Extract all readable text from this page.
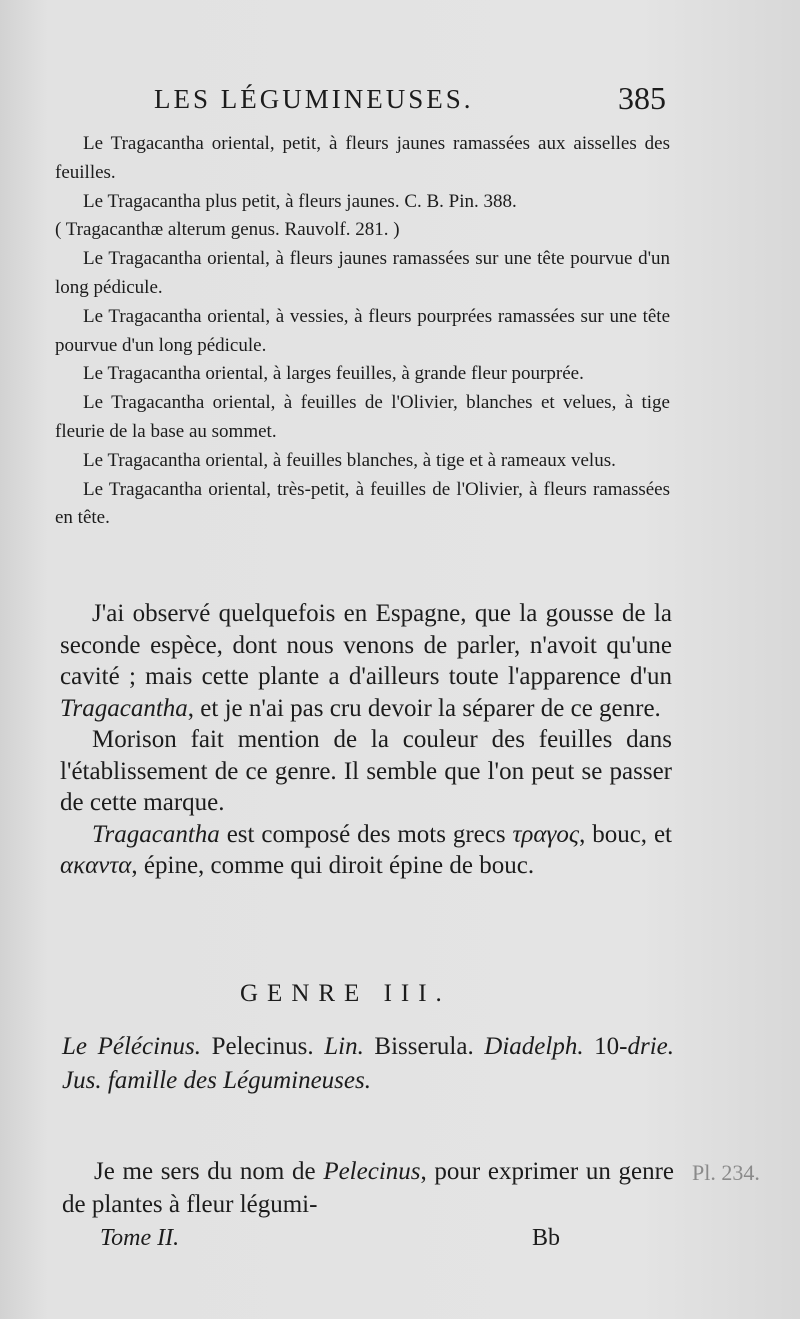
LES LÉGUMINEUSES.	385

Le Tragacantha oriental, petit, à fleurs jaunes ramassées aux aisselles des feuilles.

Le Tragacantha plus petit, à fleurs jaunes. C. B. Pin. 388.

( Tragacanthæ alterum genus. Rauvolf. 281. )

Le Tragacantha oriental, à fleurs jaunes ramassées sur une tête pourvue d'un long pédicule.

Le Tragacantha oriental, à vessies, à fleurs pourprées ramassées sur une tête pourvue d'un long pédicule.

Le Tragacantha oriental, à larges feuilles, à grande fleur pourprée.

Le Tragacantha oriental, à feuilles de l'Olivier, blanches et velues, à tige fleurie de la base au sommet.

Le Tragacantha oriental, à feuilles blanches, à tige et à rameaux velus.

Le Tragacantha oriental, très-petit, à feuilles de l'Olivier, à fleurs ramassées en tête.

J'ai observé quelquefois en Espagne, que la gousse de la seconde espèce, dont nous venons de parler, n'avoit qu'une cavité ; mais cette plante a d'ailleurs toute l'apparence d'un Tragacantha, et je n'ai pas cru devoir la séparer de ce genre.

Morison fait mention de la couleur des feuilles dans l'établissement de ce genre. Il semble que l'on peut se passer de cette marque.

Tragacantha est composé des mots grecs τραγος, bouc, et ακαντα, épine, comme qui diroit épine de bouc.

GENRE III.
Le Pélécinus. Pelecinus. Lin. Bisserula. Diadelph. 10-drie. Jus. famille des Légumineuses.
Je me sers du nom de Pelecinus, pour exprimer un genre de plantes à fleur légumi-
Tome II.	Bb
Pl. 234.
